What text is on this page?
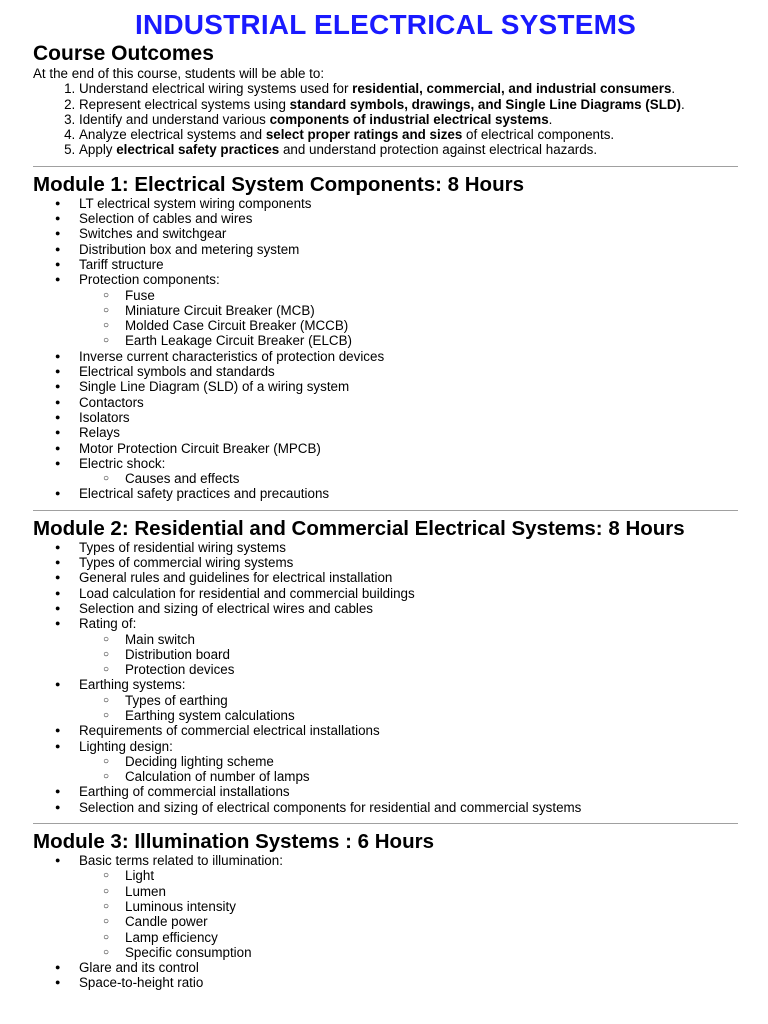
INDUSTRIAL ELECTRICAL SYSTEMS
Course Outcomes

At the end of this course, students will be able to:

1. Understand electrical wiring systems used for residential, commercial, and industrial consumers.
2. Represent electrical systems using standard symbols, drawings, and Single Line Diagrams (SLD).
3. Identify and understand various components of industrial electrical systems.
4. Analyze electrical systems and select proper ratings and sizes of electrical components.
5. Apply electrical safety practices and understand protection against electrical hazards.
Module 1: Electrical System Components: 8 Hours
● LT electrical system wiring components
● Selection of cables and wires
● Switches and switchgear
● Distribution box and metering system
● Tariff structure
● Protection components:
○ Fuse
○ Miniature Circuit Breaker (MCB)
○ Molded Case Circuit Breaker (MCCB)
○ Earth Leakage Circuit Breaker (ELCB)
● Inverse current characteristics of protection devices
● Electrical symbols and standards
● Single Line Diagram (SLD) of a wiring system
● Contactors
● Isolators
● Relays
● Motor Protection Circuit Breaker (MPCB)
● Electric shock:
○ Causes and effects
● Electrical safety practices and precautions
Module 2: Residential and Commercial Electrical Systems: 8 Hours
● Types of residential wiring systems
● Types of commercial wiring systems
● General rules and guidelines for electrical installation
● Load calculation for residential and commercial buildings
● Selection and sizing of electrical wires and cables
● Rating of:
○ Main switch
○ Distribution board
○ Protection devices
● Earthing systems:
○ Types of earthing
○ Earthing system calculations
● Requirements of commercial electrical installations
● Lighting design:
○ Deciding lighting scheme
○ Calculation of number of lamps
● Earthing of commercial installations
● Selection and sizing of electrical components for residential and commercial systems
Module 3: Illumination Systems : 6 Hours
● Basic terms related to illumination:
○ Light
○ Lumen
○ Luminous intensity
○ Candle power
○ Lamp efficiency
○ Specific consumption
● Glare and its control
● Space-to-height ratio
